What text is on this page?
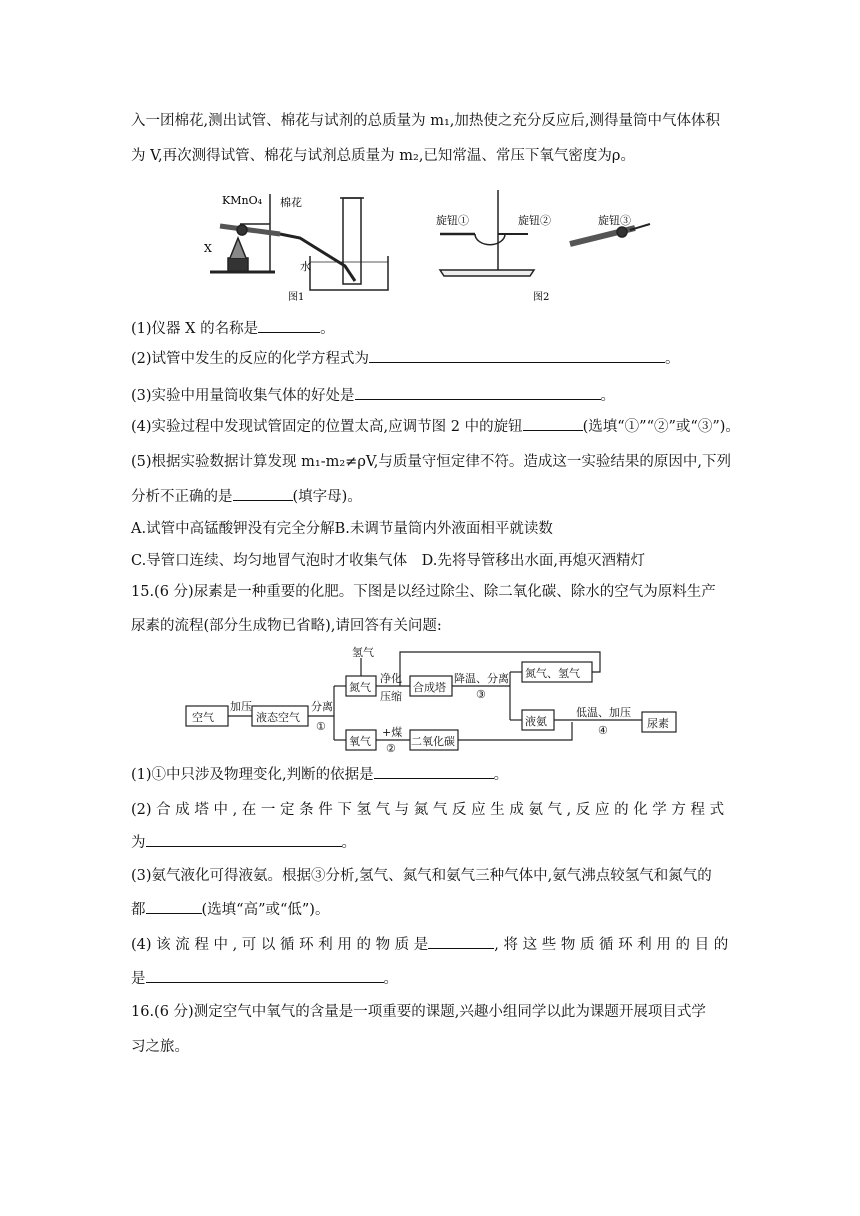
入一团棉花,测出试管、棉花与试剂的总质量为 m₁,加热使之充分反应后,测得量筒中气体体积
为 V,再次测得试管、棉花与试剂总质量为 m₂,已知常温、常压下氧气密度为ρ。
KMnO₄ 棉花
X
水
图1
旋钮①	旋钮②	旋钮③
图2
(1)仪器 X 的名称是	。
(2)试管中发生的反应的化学方程式为	。
(3)实验中用量筒收集气体的好处是	。
(4)实验过程中发现试管固定的位置太高,应调节图 2 中的旋钮	(选填“①”“②”或“③”)。
(5)根据实验数据计算发现 m₁-m₂≠ρV,与质量守恒定律不符。造成这一实验结果的原因中,下列
分析不正确的是	(填字母)。
A.试管中高锰酸钾没有完全分解B.未调节量筒内外液面相平就读数
C.导管口连续、均匀地冒气泡时才收集气体　D.先将导管移出水面,再熄灭酒精灯
15.(6 分)尿素是一种重要的化肥。下图是以经过除尘、除二氧化碳、除水的空气为原料生产
尿素的流程(部分生成物已省略),请回答有关问题:
空气
加压
液态空气
分离
①
氢气
氮气
净化
压缩
合成塔
降温、分离
③
氮气、氢气
液氨
低温、加压
④
尿素
氧气
+煤
②
二氧化碳
(1)①中只涉及物理变化,判断的依据是	。
(2) 合 成 塔 中 , 在 一 定 条 件 下 氢 气 与 氮 气 反 应 生 成 氨 气 , 反 应 的 化 学 方 程 式
为	。
(3)氨气液化可得液氨。根据③分析,氢气、氮气和氨气三种气体中,氨气沸点较氢气和氮气的
都	(选填“高”或“低”)。
(4) 该 流 程 中 , 可 以 循 环 利 用 的 物 质 是	, 将 这 些 物 质 循 环 利 用 的 目 的
是	。
16.(6 分)测定空气中氧气的含量是一项重要的课题,兴趣小组同学以此为课题开展项目式学
习之旅。
